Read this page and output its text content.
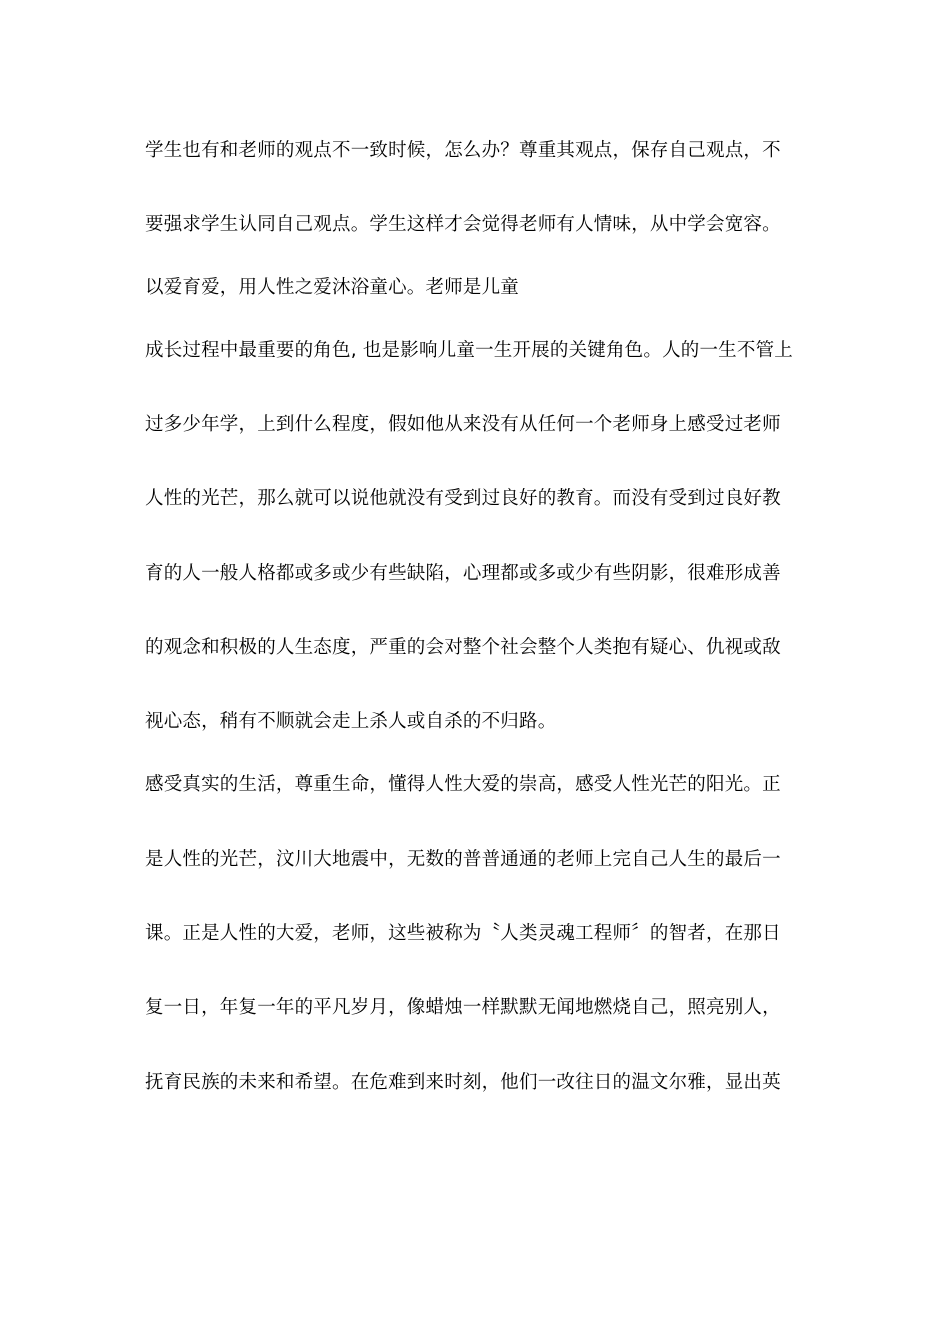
学生也有和老师的观点不一致时候，怎么办？尊重其观点，保存自己观点，不
要强求学生认同自己观点。学生这样才会觉得老师有人情味，从中学会宽容。
以爱育爱，用人性之爱沐浴童心。老师是儿童
成长过程中最重要的角色, 也是影响儿童一生开展的关键角色。人的一生不管上
过多少年学，上到什么程度，假如他从来没有从任何一个老师身上感受过老师
人性的光芒，那么就可以说他就没有受到过良好的教育。而没有受到过良好教
育的人一般人格都或多或少有些缺陷，心理都或多或少有些阴影，很难形成善
的观念和积极的人生态度，严重的会对整个社会整个人类抱有疑心、仇视或敌
视心态，稍有不顺就会走上杀人或自杀的不归路。
感受真实的生活，尊重生命，懂得人性大爱的崇高，感受人性光芒的阳光。正
是人性的光芒，汶川大地震中，无数的普普通通的老师上完自己人生的最后一
课。正是人性的大爱，老师，这些被称为〝人类灵魂工程师〞的智者，在那日
复一日，年复一年的平凡岁月，像蜡烛一样默默无闻地燃烧自己，照亮别人，
抚育民族的未来和希望。在危难到来时刻，他们一改往日的温文尔雅，显出英
